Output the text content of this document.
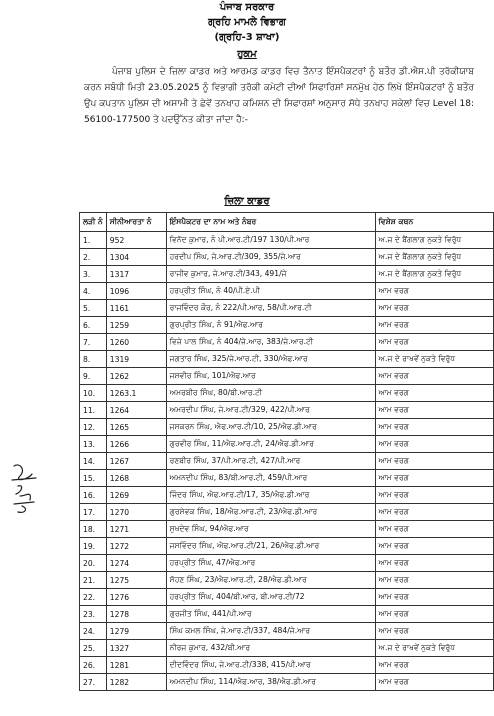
ਪੰਜਾਬ ਸਰਕਾਰ
ਗ੍ਰਹਿ ਮਾਮਲੇ ਵਿਭਾਗ
(ਗ੍ਰਹਿ-3 ਸ਼ਾਖਾ)
ਹੁਕਮ
ਪੰਜਾਬ ਪੁਲਿਸ ਦੇ ਜ਼ਿਲਾ ਕਾਡਰ ਅਤੇ ਆਰਮਡ ਕਾਡਰ ਵਿਚ ਤੈਨਾਤ ਇੰਸਪੈਕਟਰਾਂ ਨੂੰ ਬਤੌਰ ਡੀ.ਐਸ.ਪੀ ਤਰੱਕੀਯਾਬ ਕਰਨ ਸਬੰਧੀ ਮਿਤੀ 23.05.2025 ਨੂੰ ਵਿਭਾਗੀ ਤਰੱਕੀ ਕਮੇਟੀ ਦੀਆਂ ਸਿਫਾਰਿਸ਼ਾਂ ਸਨਮੁੱਖ ਹੇਠ ਲਿਖੇ ਇੰਸਪੈਕਟਰਾਂ ਨੂੰ ਬਤੌਰ ਉਪ ਕਪਤਾਨ ਪੁਲਿਸ ਦੀ ਅਸਾਮੀ ਤੇ ਛੇਵੇਂ ਤਨਖਾਹ ਕਮਿਸ਼ਨ ਦੀ ਸਿਫਾਰਸ਼ਾਂ ਅਨੁਸਾਰ ਸੋਧੇ ਤਨਖਾਹ ਸਕੇਲਾਂ ਵਿਚ Level 18: 56100-177500 ਤੇ ਪਦਉੱਨਤ ਕੀਤਾ ਜਾਂਦਾ ਹੈ:-
ਜ਼ਿਲਾ ਕਾਡਰ
ਲੜੀ ਨੰ	ਸੀਨੀਆਰਤਾ ਨੰ	ਇੰਸਪੈਕਟਰ ਦਾ ਨਾਮ ਅਤੇ ਨੰਬਰ	ਵਿਸ਼ੇਸ਼ ਕਥਨ
1.	952	ਵਿਨੋਦ ਕੁਮਾਰ, ਨੰ ਪੀ.ਆਰ.ਟੀ/197 130/ਪੀ.ਆਰ	ਅ.ਜ ਦੇ ਬੈਂਗਲਾਗ ਨੁਕਤੇ ਵਿਰੁੱਧ
2.	1304	ਹਰਦੀਪ ਸਿੰਘ, ਜੇ.ਆਰ.ਟੀ/309, 355/ਜੇ.ਆਰ	ਅ.ਜ ਦੇ ਬੈਂਗਲਾਗ ਨੁਕਤੇ ਵਿਰੁੱਧ
3.	1317	ਰਾਜੀਵ ਕੁਮਾਰ, ਜੇ.ਆਰ.ਟੀ/343, 491/ਜੇ	ਅ.ਜ ਦੇ ਬੈਂਗਲਾਗ ਨੁਕਤੇ ਵਿਰੁੱਧ
4.	1096	ਹਰਪ੍ਰੀਤ ਸਿੰਘ, ਨੰ 40/ਪੀ.ਏ.ਪੀ	ਆਮ ਵਰਗ
5.	1161	ਰਾਜਵਿੰਦਰ ਕੌਰ, ਨੰ 222/ਪੀ.ਆਰ, 58/ਪੀ.ਆਰ.ਟੀ	ਆਮ ਵਰਗ
6.	1259	ਗੁਰਪ੍ਰੀਤ ਸਿੰਘ, ਨੰ 91/ਐਫ.ਆਰ	ਆਮ ਵਰਗ
7.	1260	ਵਿਜੇ ਪਾਲ ਸਿੰਘ, ਨੰ 404/ਜੇ.ਆਰ, 383/ਜੇ.ਆਰ.ਟੀ	ਆਮ ਵਰਗ
8.	1319	ਜਗਤਾਰ ਸਿੰਘ, 325/ਜੇ.ਆਰ.ਟੀ, 330/ਐਫ.ਆਰ	ਅ.ਜ ਦੇ ਰਾਖਵੇਂ ਨੁਕਤੇ ਵਿਰੁੱਧ
9.	1262	ਜਸਵੀਰ ਸਿੰਘ, 101/ਐਫ.ਆਰ	ਆਮ ਵਰਗ
10.	1263.1	ਅਮਰਬੀਰ ਸਿੰਘ, 80/ਬੀ.ਆਰ.ਟੀ	ਆਮ ਵਰਗ
11.	1264	ਅਮਰਦੀਪ ਸਿੰਘ, ਜੇ.ਆਰ.ਟੀ/329, 422/ਪੀ.ਆਰ	ਆਮ ਵਰਗ
12.	1265	ਜਸਕਰਨ ਸਿੰਘ, ਐਫ.ਆਰ.ਟੀ/10, 25/ਐਫ.ਡੀ.ਆਰ	ਆਮ ਵਰਗ
13.	1266	ਗੁਰਵੀਰ ਸਿੰਘ, 11/ਐਫ.ਆਰ.ਟੀ, 24/ਐਫ.ਡੀ.ਆਰ	ਆਮ ਵਰਗ
14.	1267	ਰਣਬੀਰ ਸਿੰਘ, 37/ਪੀ.ਆਰ.ਟੀ, 427/ਪੀ.ਆਰ	ਆਮ ਵਰਗ
15.	1268	ਅਮਨਦੀਪ ਸਿੰਘ, 83/ਬੀ.ਆਰ.ਟੀ, 459/ਪੀ.ਆਰ	ਆਮ ਵਰਗ
16.	1269	ਜਿੰਦਰ ਸਿੰਘ, ਐਫ.ਆਰ.ਟੀ/17, 35/ਐਫ.ਡੀ.ਆਰ	ਆਮ ਵਰਗ
17.	1270	ਗੁਰਸੇਵਕ ਸਿੰਘ, 18/ਐਫ.ਆਰ.ਟੀ, 23/ਐਫ.ਡੀ.ਆਰ	ਆਮ ਵਰਗ
18.	1271	ਸੁਖਦੇਵ ਸਿੰਘ, 94/ਐਫ.ਆਰ	ਆਮ ਵਰਗ
19.	1272	ਜਸਵਿੰਦਰ ਸਿੰਘ, ਐਫ.ਆਰ.ਟੀ/21, 26/ਐਫ.ਡੀ.ਆਰ	ਆਮ ਵਰਗ
20.	1274	ਹਰਪ੍ਰੀਤ ਸਿੰਘ, 47/ਐਫ.ਆਰ	ਆਮ ਵਰਗ
21.	1275	ਸੋਹਣ ਸਿੰਘ, 23/ਐਫ.ਆਰ.ਟੀ, 28/ਐਫ.ਡੀ.ਆਰ	ਆਮ ਵਰਗ
22.	1276	ਹਰਪ੍ਰੀਤ ਸਿੰਘ, 404/ਬੀ.ਆਰ, ਬੀ.ਆਰ.ਟੀ/72	ਆਮ ਵਰਗ
23.	1278	ਗੁਰਜੀਤ ਸਿੰਘ, 441/ਪੀ.ਆਰ	ਆਮ ਵਰਗ
24.	1279	ਸਿੰਘ ਕਮਲ ਸਿੰਘ, ਜੇ.ਆਰ.ਟੀ/337, 484/ਜੇ.ਆਰ	ਆਮ ਵਰਗ
25.	1327	ਨੀਰਜ ਕੁਮਾਰ, 432/ਬੀ.ਆਰ	ਅ.ਜ ਦੇ ਰਾਖਵੇਂ ਨੁਕਤੇ ਵਿਰੁੱਧ
26.	1281	ਦੀਦਵਿੰਦਰ ਸਿੰਘ, ਜੇ.ਆਰ.ਟੀ/338, 415/ਪੀ.ਆਰ	ਆਮ ਵਰਗ
27.	1282	ਅਮਨਦੀਪ ਸਿੰਘ, 114/ਐਫ.ਆਰ, 38/ਐਫ.ਡੀ.ਆਰ	ਆਮ ਵਰਗ
